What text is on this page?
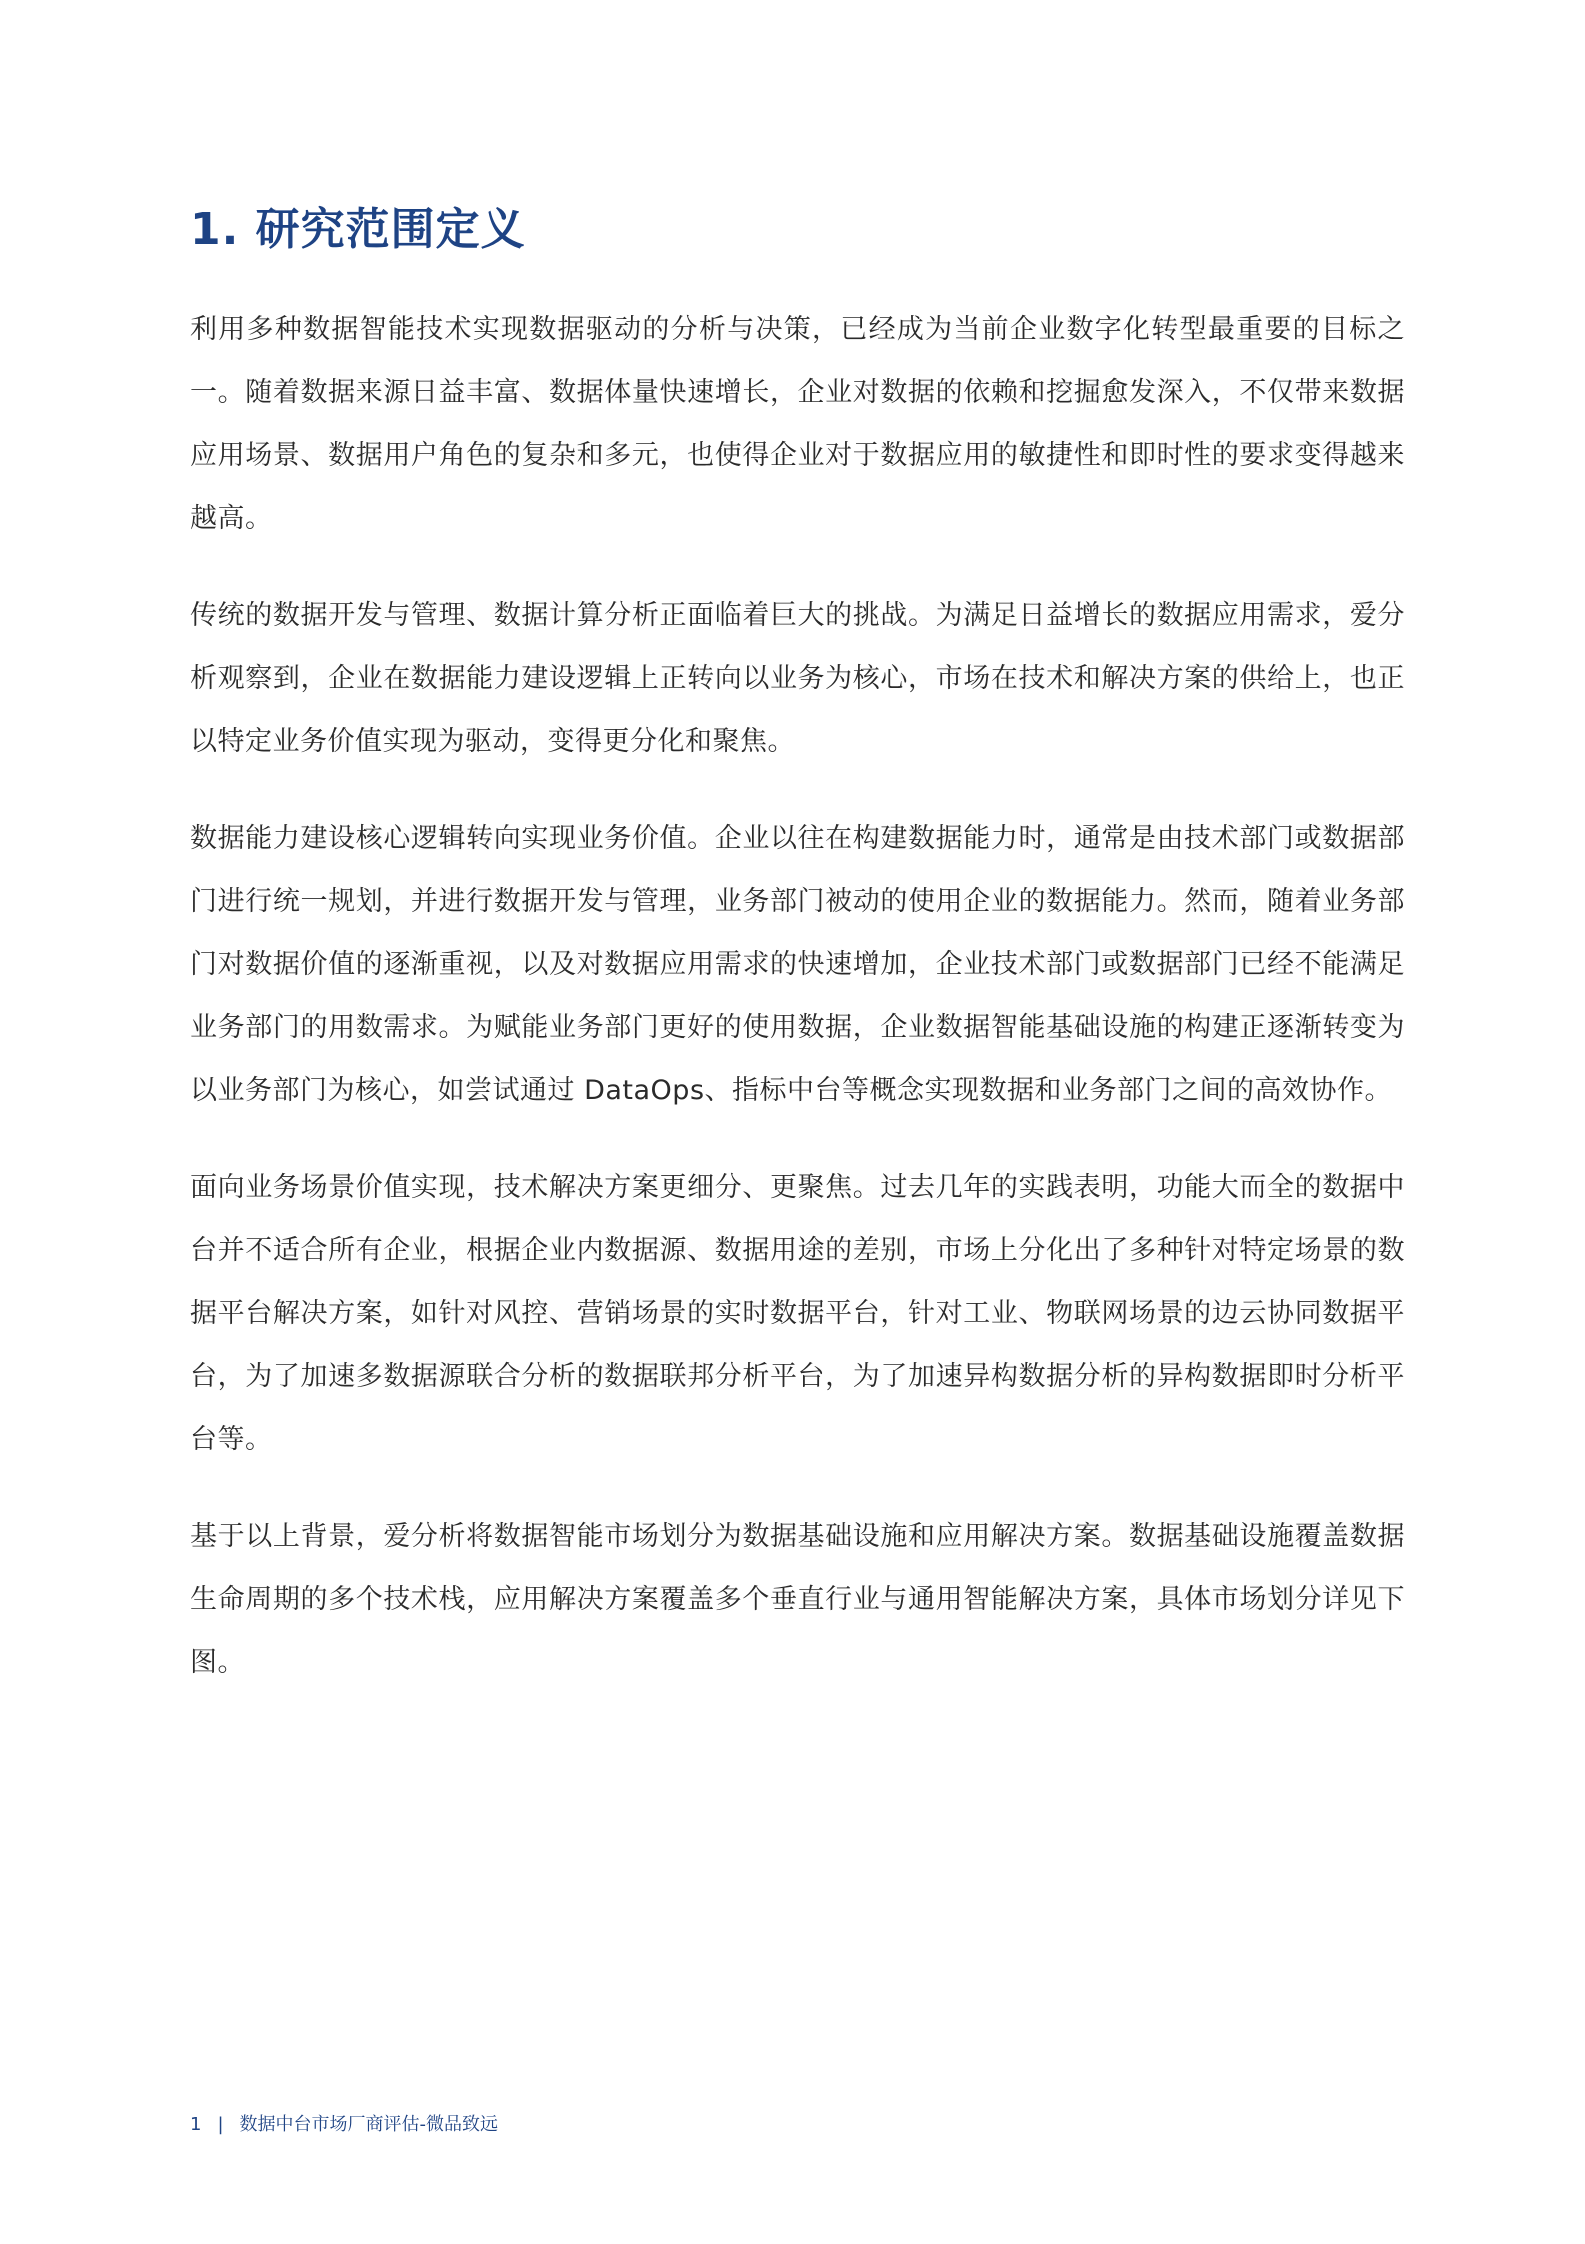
1. 研究范围定义

利用多种数据智能技术实现数据驱动的分析与决策，已经成为当前企业数字化转型最重要的目标之一。随着数据来源日益丰富、数据体量快速增长，企业对数据的依赖和挖掘愈发深入，不仅带来数据应用场景、数据用户角色的复杂和多元，也使得企业对于数据应用的敏捷性和即时性的要求变得越来越高。

传统的数据开发与管理、数据计算分析正面临着巨大的挑战。为满足日益增长的数据应用需求，爱分析观察到，企业在数据能力建设逻辑上正转向以业务为核心，市场在技术和解决方案的供给上，也正以特定业务价值实现为驱动，变得更分化和聚焦。

数据能力建设核心逻辑转向实现业务价值。企业以往在构建数据能力时，通常是由技术部门或数据部门进行统一规划，并进行数据开发与管理，业务部门被动的使用企业的数据能力。然而，随着业务部门对数据价值的逐渐重视，以及对数据应用需求的快速增加，企业技术部门或数据部门已经不能满足业务部门的用数需求。为赋能业务部门更好的使用数据，企业数据智能基础设施的构建正逐渐转变为以业务部门为核心，如尝试通过 DataOps、指标中台等概念实现数据和业务部门之间的高效协作。

面向业务场景价值实现，技术解决方案更细分、更聚焦。过去几年的实践表明，功能大而全的数据中台并不适合所有企业，根据企业内数据源、数据用途的差别，市场上分化出了多种针对特定场景的数据平台解决方案，如针对风控、营销场景的实时数据平台，针对工业、物联网场景的边云协同数据平台，为了加速多数据源联合分析的数据联邦分析平台，为了加速异构数据分析的异构数据即时分析平台等。

基于以上背景，爱分析将数据智能市场划分为数据基础设施和应用解决方案。数据基础设施覆盖数据生命周期的多个技术栈，应用解决方案覆盖多个垂直行业与通用智能解决方案，具体市场划分详见下图。

1 | 数据中台市场厂商评估-微品致远
